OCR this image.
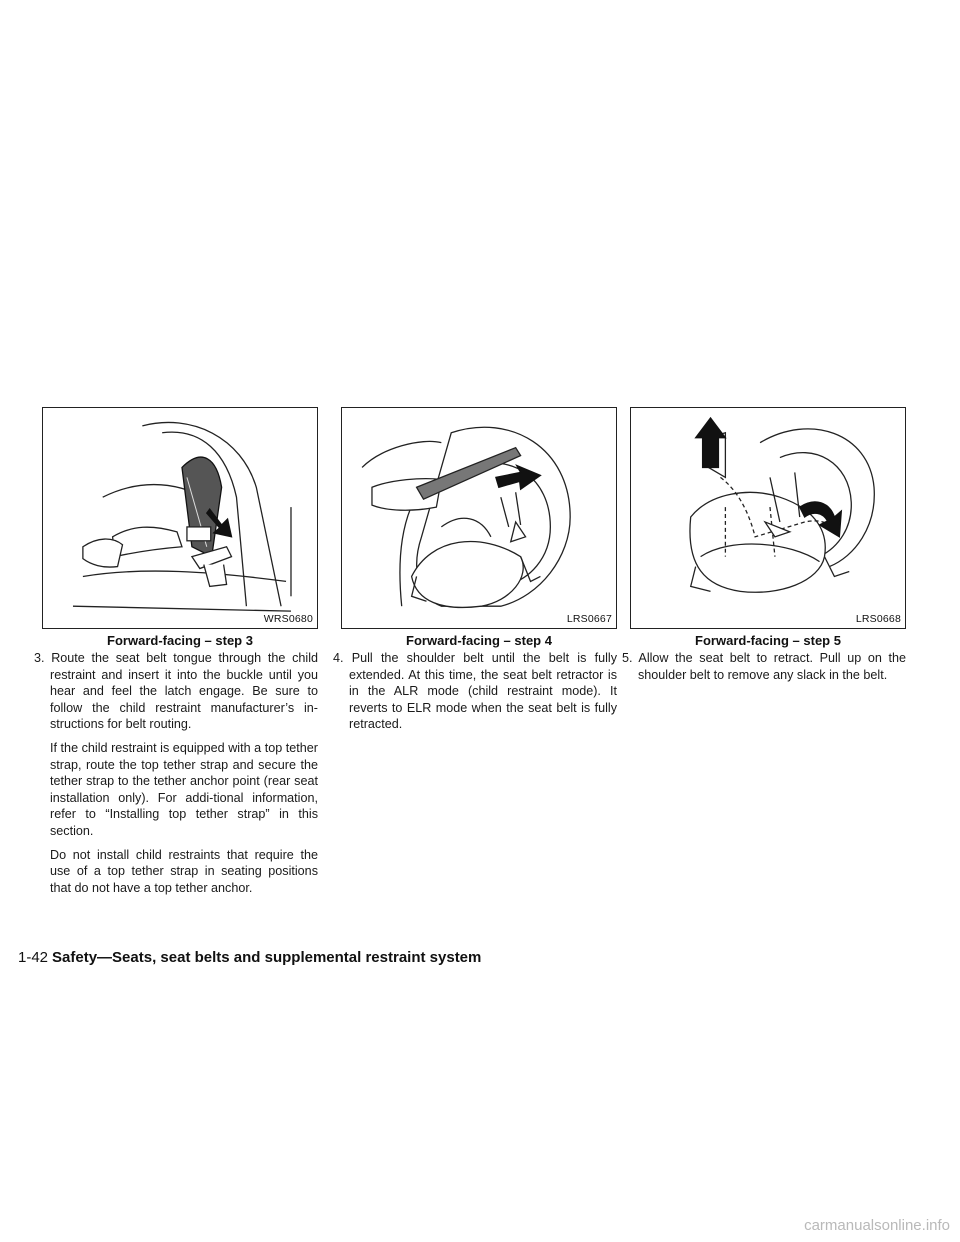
WRS0680	LRS0667	LRS0668
Forward-facing – step 3	Forward-facing – step 4	Forward-facing – step 5

3. Route the seat belt tongue through the child restraint and insert it into the buckle until you hear and feel the latch engage. Be sure to follow the child restraint manufacturer’s in-structions for belt routing.

If the child restraint is equipped with a top tether strap, route the top tether strap and secure the tether strap to the tether anchor point (rear seat installation only). For addi-tional information, refer to “Installing top tether strap” in this section.

Do not install child restraints that require the use of a top tether strap in seating positions that do not have a top tether anchor.

4. Pull the shoulder belt until the belt is fully extended. At this time, the seat belt retractor is in the ALR mode (child restraint mode). It reverts to ELR mode when the seat belt is fully retracted.

5. Allow the seat belt to retract. Pull up on the shoulder belt to remove any slack in the belt.

1-42 Safety—Seats, seat belts and supplemental restraint system
carmanualsonline.info
